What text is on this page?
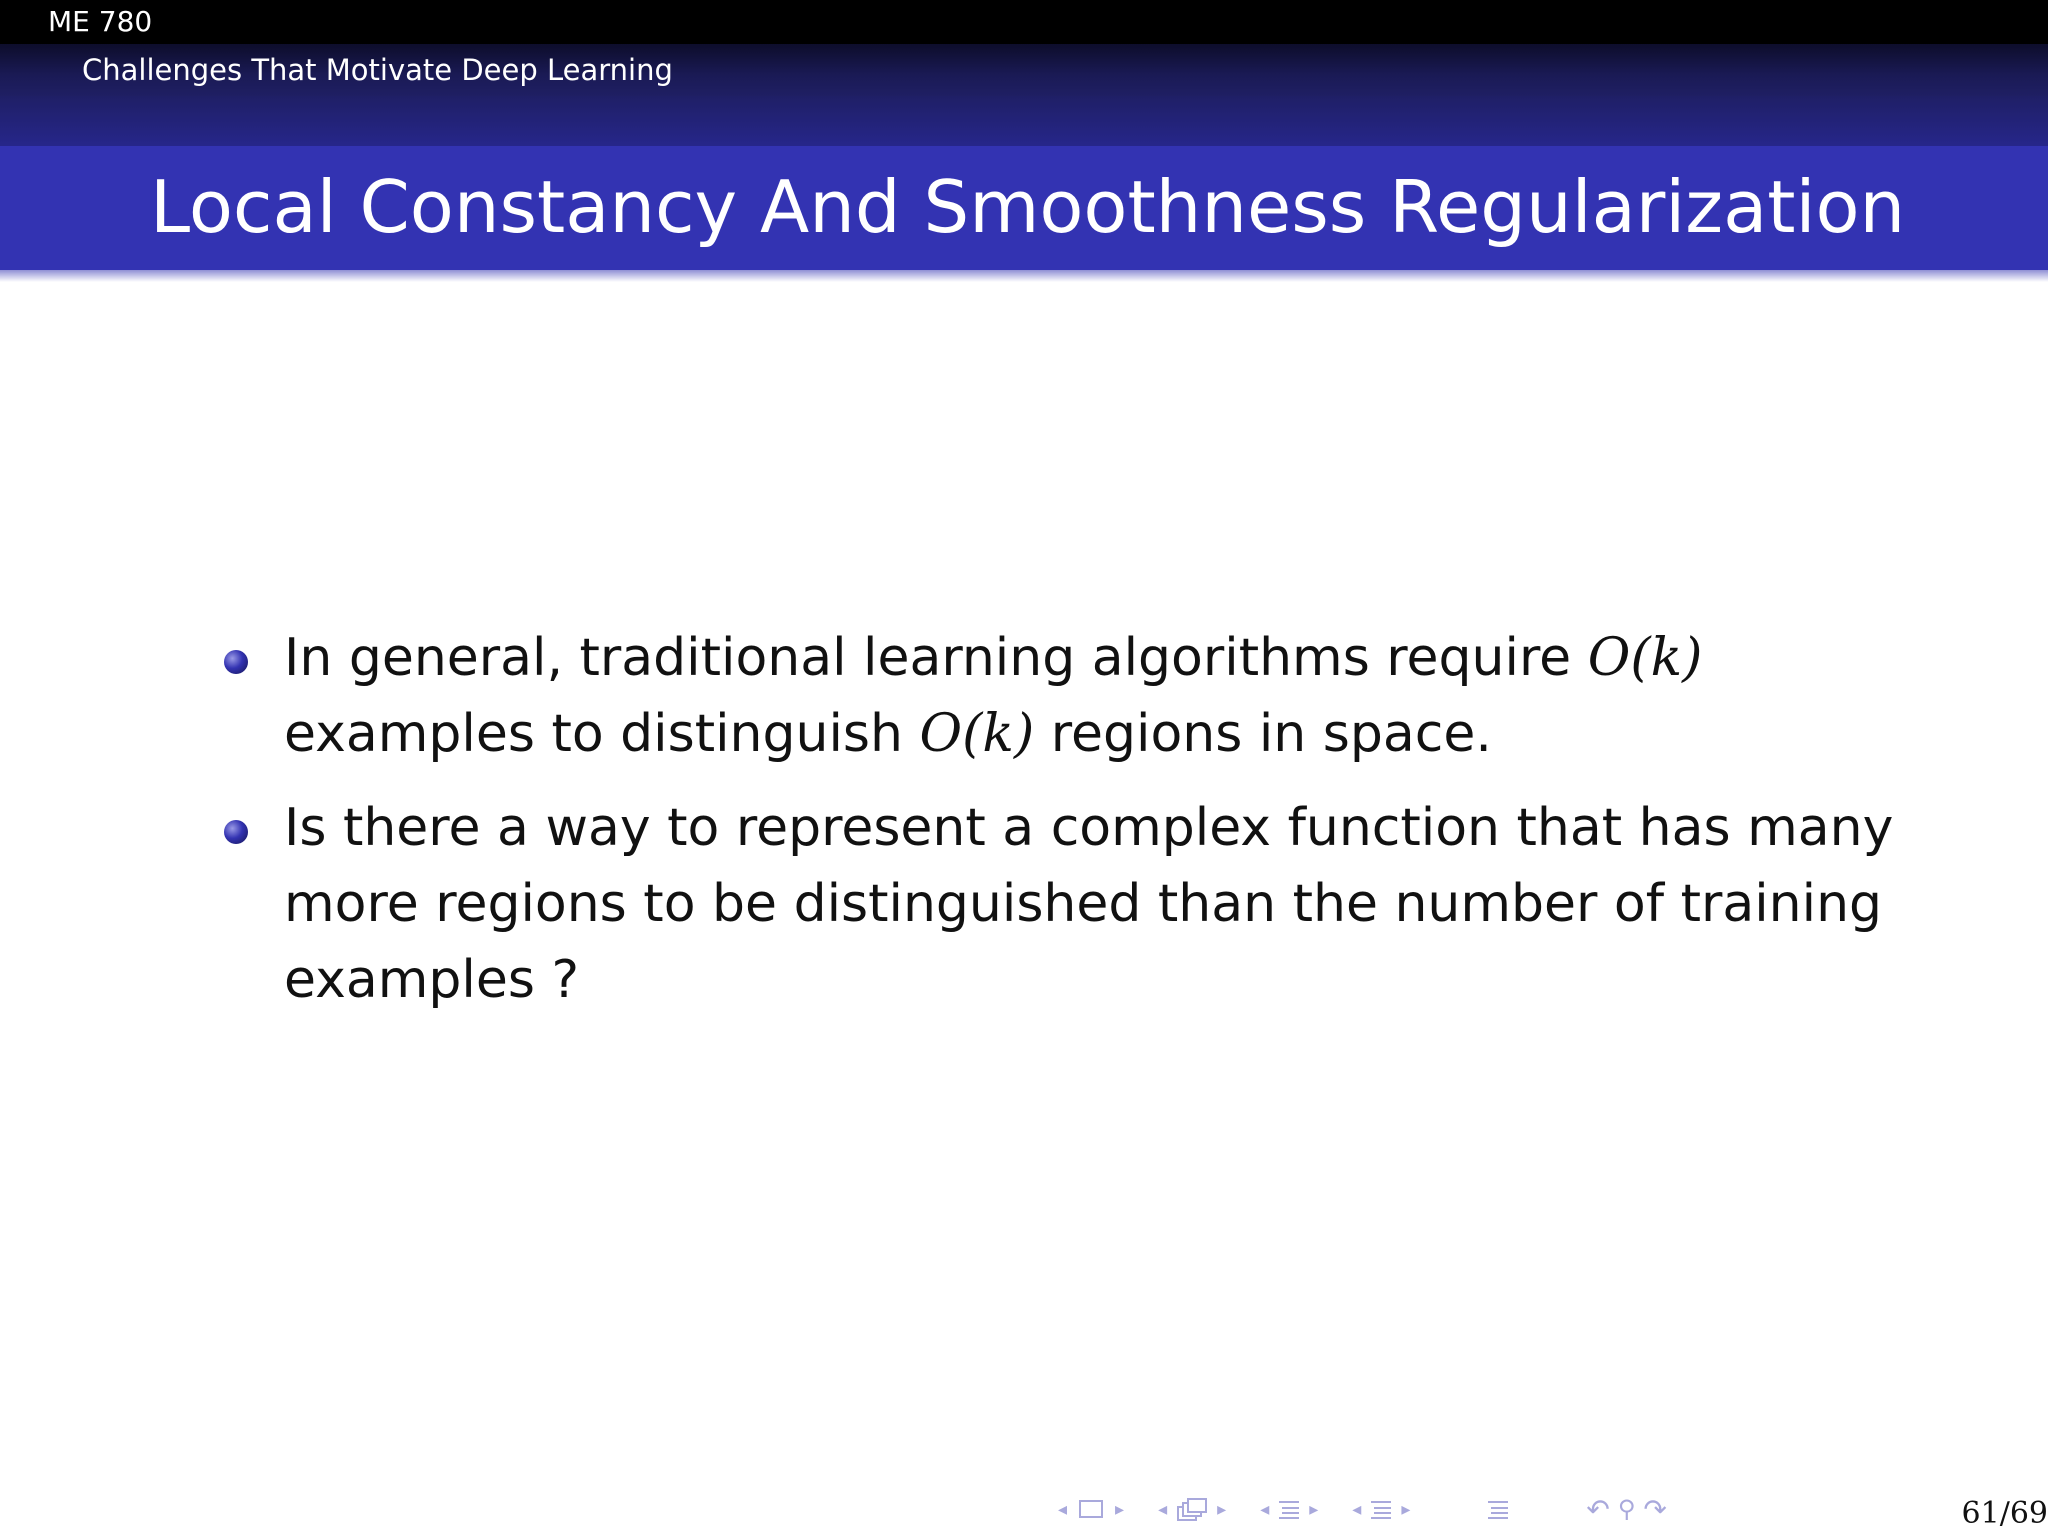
ME 780
Challenges That Motivate Deep Learning
Local Constancy And Smoothness Regularization
In general, traditional learning algorithms require O(k) examples to distinguish O(k) regions in space.
Is there a way to represent a complex function that has many more regions to be distinguished than the number of training examples ?
◂	▸ ◂	▸ ◂ ▸ ◂ ▸	↶ ⚲ ↷	61/69
